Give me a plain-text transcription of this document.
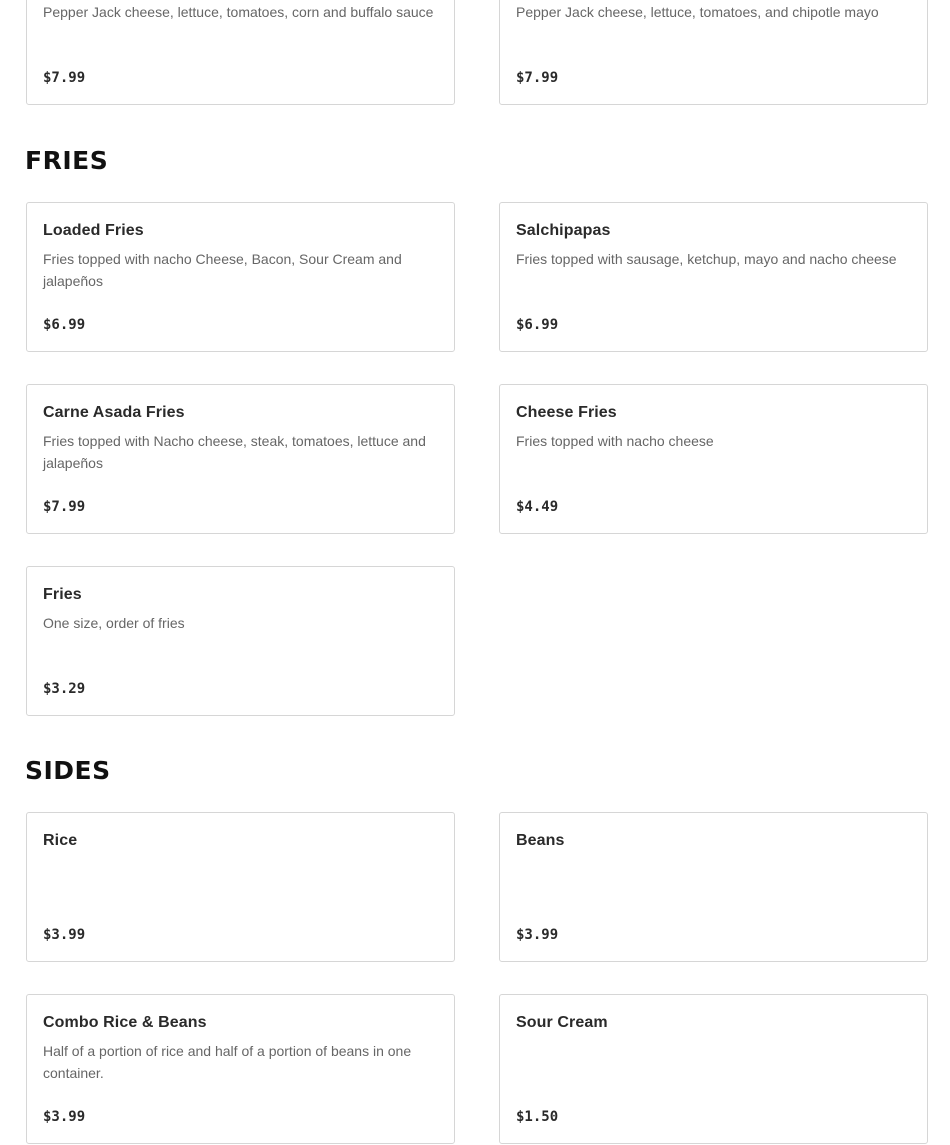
Pepper Jack cheese, lettuce, tomatoes, corn and buffalo sauce
$7.99
Pepper Jack cheese, lettuce, tomatoes, and chipotle mayo
$7.99
FRIES
Loaded Fries
Fries topped with nacho Cheese, Bacon, Sour Cream and jalapeños
$6.99
Salchipapas
Fries topped with sausage, ketchup, mayo and nacho cheese
$6.99
Carne Asada Fries
Fries topped with Nacho cheese, steak, tomatoes, lettuce and jalapeños
$7.99
Cheese Fries
Fries topped with nacho cheese
$4.49
Fries
One size, order of fries
$3.29
SIDES
Rice
$3.99
Beans
$3.99
Combo Rice & Beans
Half of a portion of rice and half of a portion of beans in one container.
$3.99
Sour Cream
$1.50
